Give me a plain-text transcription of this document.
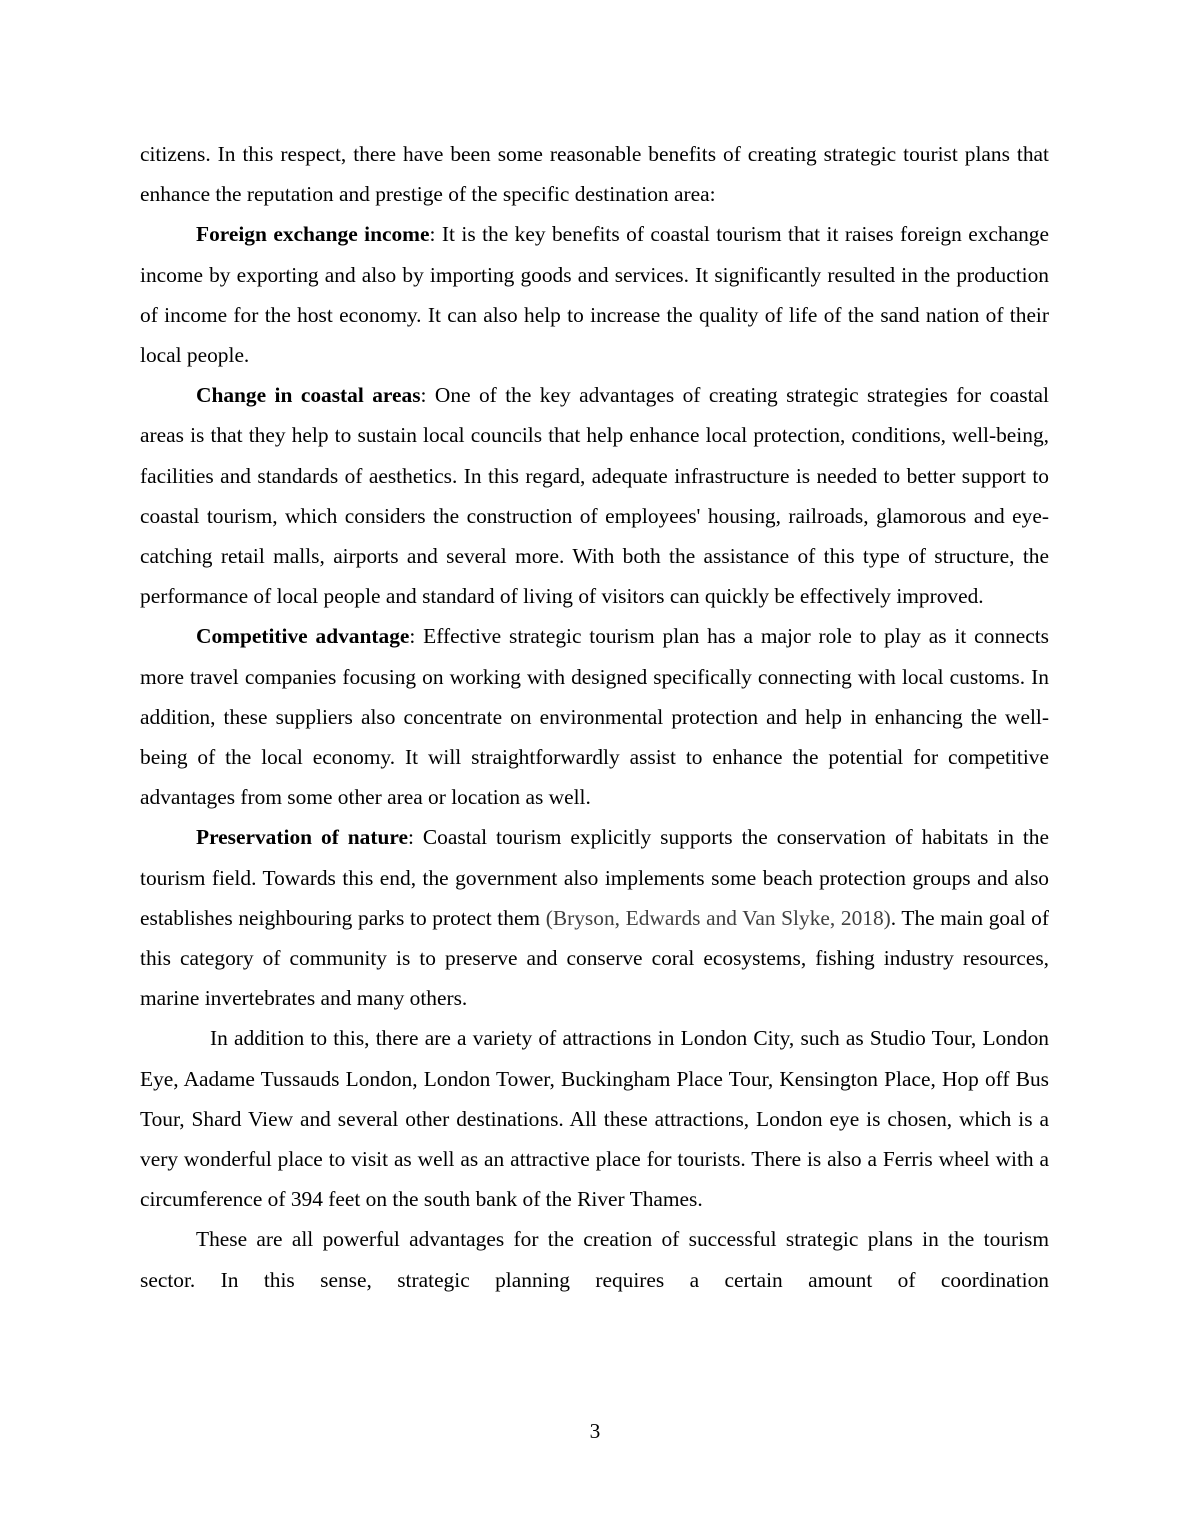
citizens. In this respect, there have been some reasonable benefits of creating strategic tourist plans that enhance the reputation and prestige of the specific destination area:

Foreign exchange income: It is the key benefits of coastal tourism that it raises foreign exchange income by exporting and also by importing goods and services. It significantly resulted in the production of income for the host economy. It can also help to increase the quality of life of the sand nation of their local people.

Change in coastal areas: One of the key advantages of creating strategic strategies for coastal areas is that they help to sustain local councils that help enhance local protection, conditions, well-being, facilities and standards of aesthetics. In this regard, adequate infrastructure is needed to better support to coastal tourism, which considers the construction of employees' housing, railroads, glamorous and eye-catching retail malls, airports and several more. With both the assistance of this type of structure, the performance of local people and standard of living of visitors can quickly be effectively improved.

Competitive advantage: Effective strategic tourism plan has a major role to play as it connects more travel companies focusing on working with designed specifically connecting with local customs. In addition, these suppliers also concentrate on environmental protection and help in enhancing the well-being of the local economy. It will straightforwardly assist to enhance the potential for competitive advantages from some other area or location as well.

Preservation of nature: Coastal tourism explicitly supports the conservation of habitats in the tourism field. Towards this end, the government also implements some beach protection groups and also establishes neighbouring parks to protect them (Bryson, Edwards and Van Slyke, 2018). The main goal of this category of community is to preserve and conserve coral ecosystems, fishing industry resources, marine invertebrates and many others.

In addition to this, there are a variety of attractions in London City, such as Studio Tour, London Eye, Aadame Tussauds London, London Tower, Buckingham Place Tour, Kensington Place, Hop off Bus Tour, Shard View and several other destinations. All these attractions, London eye is chosen, which is a very wonderful place to visit as well as an attractive place for tourists. There is also a Ferris wheel with a circumference of 394 feet on the south bank of the River Thames.

These are all powerful advantages for the creation of successful strategic plans in the tourism sector. In this sense, strategic planning requires a certain amount of coordination

3
